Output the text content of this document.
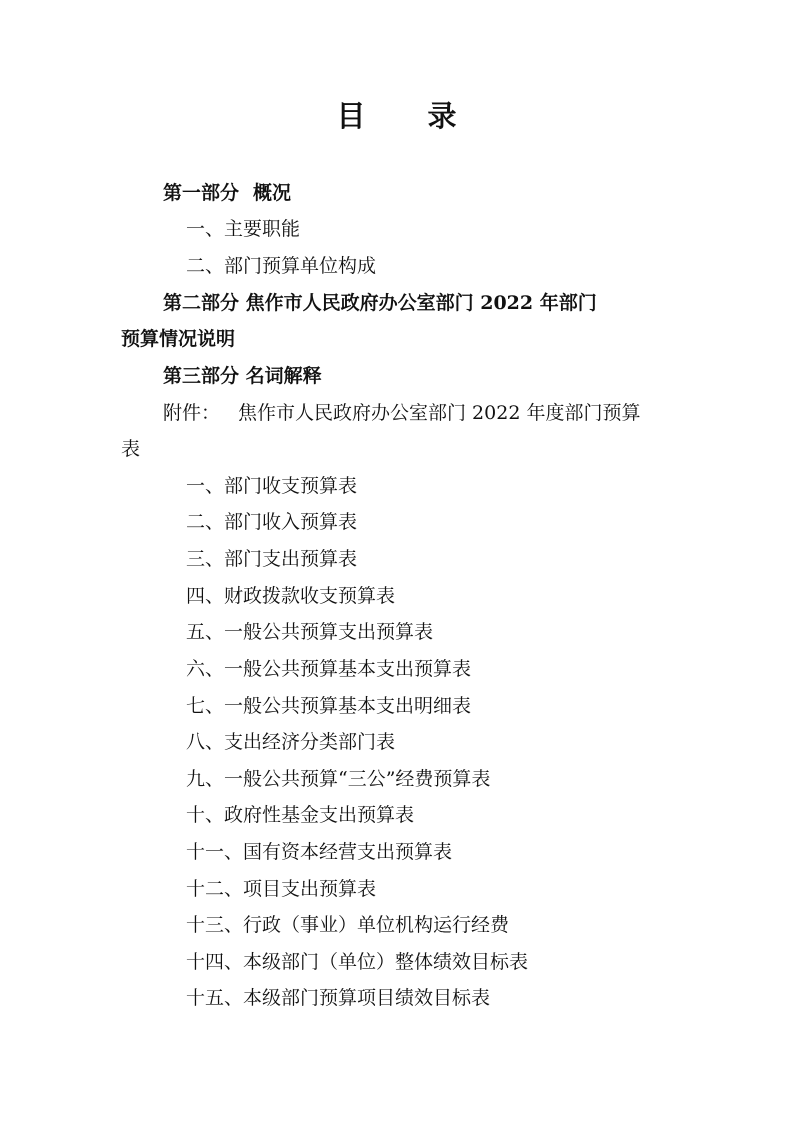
目 录
第一部分 概况
一、主要职能
二、部门预算单位构成
第二部分 焦作市人民政府办公室部门 2022 年部门
预算情况说明
第三部分 名词解释
附件： 焦作市人民政府办公室部门 2022 年度部门预算
表
一、部门收支预算表
二、部门收入预算表
三、部门支出预算表
四、财政拨款收支预算表
五、一般公共预算支出预算表
六、一般公共预算基本支出预算表
七、一般公共预算基本支出明细表
八、支出经济分类部门表
九、一般公共预算“三公”经费预算表
十、政府性基金支出预算表
十一、国有资本经营支出预算表
十二、项目支出预算表
十三、行政（事业）单位机构运行经费
十四、本级部门（单位）整体绩效目标表
十五、本级部门预算项目绩效目标表
